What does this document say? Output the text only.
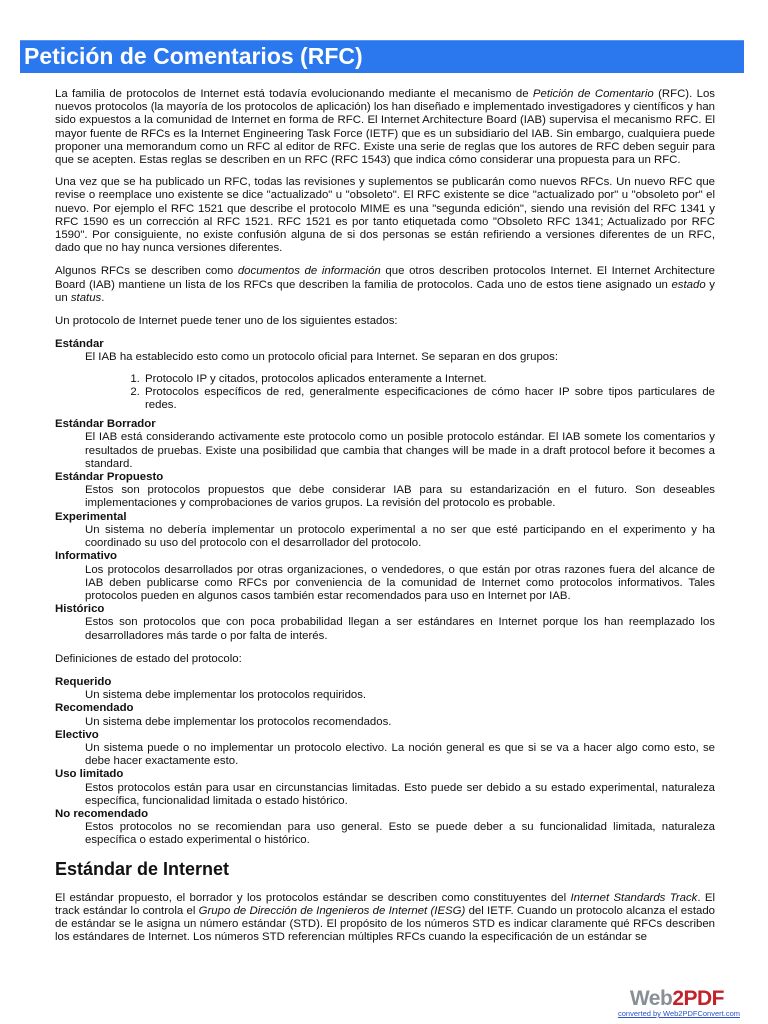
Petición de Comentarios (RFC)

La familia de protocolos de Internet está todavía evolucionando mediante el mecanismo de Petición de Comentario (RFC). Los nuevos protocolos (la mayoría de los protocolos de aplicación) los han diseñado e implementado investigadores y científicos y han sido expuestos a la comunidad de Internet en forma de RFC. El Internet Architecture Board (IAB) supervisa el mecanismo RFC. El mayor fuente de RFCs es la Internet Engineering Task Force (IETF) que es un subsidiario del IAB. Sin embargo, cualquiera puede proponer una memorandum como un RFC al editor de RFC. Existe una serie de reglas que los autores de RFC deben seguir para que se acepten. Estas reglas se describen en un RFC (RFC 1543) que indica cómo considerar una propuesta para un RFC.

Una vez que se ha publicado un RFC, todas las revisiones y suplementos se publicarán como nuevos RFCs. Un nuevo RFC que revise o reemplace uno existente se dice "actualizado" u "obsoleto". El RFC existente se dice "actualizado por" u "obsoleto por" el nuevo. Por ejemplo el RFC 1521 que describe el protocolo MIME es una "segunda edición", siendo una revisión del RFC 1341 y RFC 1590 es un corrección al RFC 1521. RFC 1521 es por tanto etiquetada como "Obsoleto RFC 1341; Actualizado por RFC 1590". Por consiguiente, no existe confusión alguna de si dos personas se están refiriendo a versiones diferentes de un RFC, dado que no hay nunca versiones diferentes.

Algunos RFCs se describen como documentos de información que otros describen protocolos Internet. El Internet Architecture Board (IAB) mantiene un lista de los RFCs que describen la familia de protocolos. Cada uno de estos tiene asignado un estado y un status.

Un protocolo de Internet puede tener uno de los siguientes estados:

Estándar
El IAB ha establecido esto como un protocolo oficial para Internet. Se separan en dos grupos:
1. Protocolo IP y citados, protocolos aplicados enteramente a Internet.
2. Protocolos específicos de red, generalmente especificaciones de cómo hacer IP sobre tipos particulares de redes.
Estándar Borrador
El IAB está considerando activamente este protocolo como un posible protocolo estándar. El IAB somete los comentarios y resultados de pruebas. Existe una posibilidad que cambia that changes will be made in a draft protocol before it becomes a standard.
Estándar Propuesto
Estos son protocolos propuestos que debe considerar IAB para su estandarización en el futuro. Son deseables implementaciones y comprobaciones de varios grupos. La revisión del protocolo es probable.
Experimental
Un sistema no debería implementar un protocolo experimental a no ser que esté participando en el experimento y ha coordinado su uso del protocolo con el desarrollador del protocolo.
Informativo
Los protocolos desarrollados por otras organizaciones, o vendedores, o que están por otras razones fuera del alcance de IAB deben publicarse como RFCs por conveniencia de la comunidad de Internet como protocolos informativos. Tales protocolos pueden en algunos casos también estar recomendados para uso en Internet por IAB.
Histórico
Estos son protocolos que con poca probabilidad llegan a ser estándares en Internet porque los han reemplazado los desarrolladores más tarde o por falta de interés.

Definiciones de estado del protocolo:

Requerido
Un sistema debe implementar los protocolos requiridos.
Recomendado
Un sistema debe implementar los protocolos recomendados.
Electivo
Un sistema puede o no implementar un protocolo electivo. La noción general es que si se va a hacer algo como esto, se debe hacer exactamente esto.
Uso limitado
Estos protocolos están para usar en circunstancias limitadas. Esto puede ser debido a su estado experimental, naturaleza específica, funcionalidad limitada o estado histórico.
No recomendado
Estos protocolos no se recomiendan para uso general. Esto se puede deber a su funcionalidad limitada, naturaleza específica o estado experimental o histórico.
Estándar de Internet

El estándar propuesto, el borrador y los protocolos estándar se describen como constituyentes del Internet Standards Track. El track estándar lo controla el Grupo de Dirección de Ingenieros de Internet (IESG) del IETF. Cuando un protocolo alcanza el estado de estándar se le asigna un número estándar (STD). El propósito de los números STD es indicar claramente qué RFCs describen los estándares de Internet. Los números STD referencian múltiples RFCs cuando la especificación de un estándar se

Web2PDF
converted by Web2PDFConvert.com
